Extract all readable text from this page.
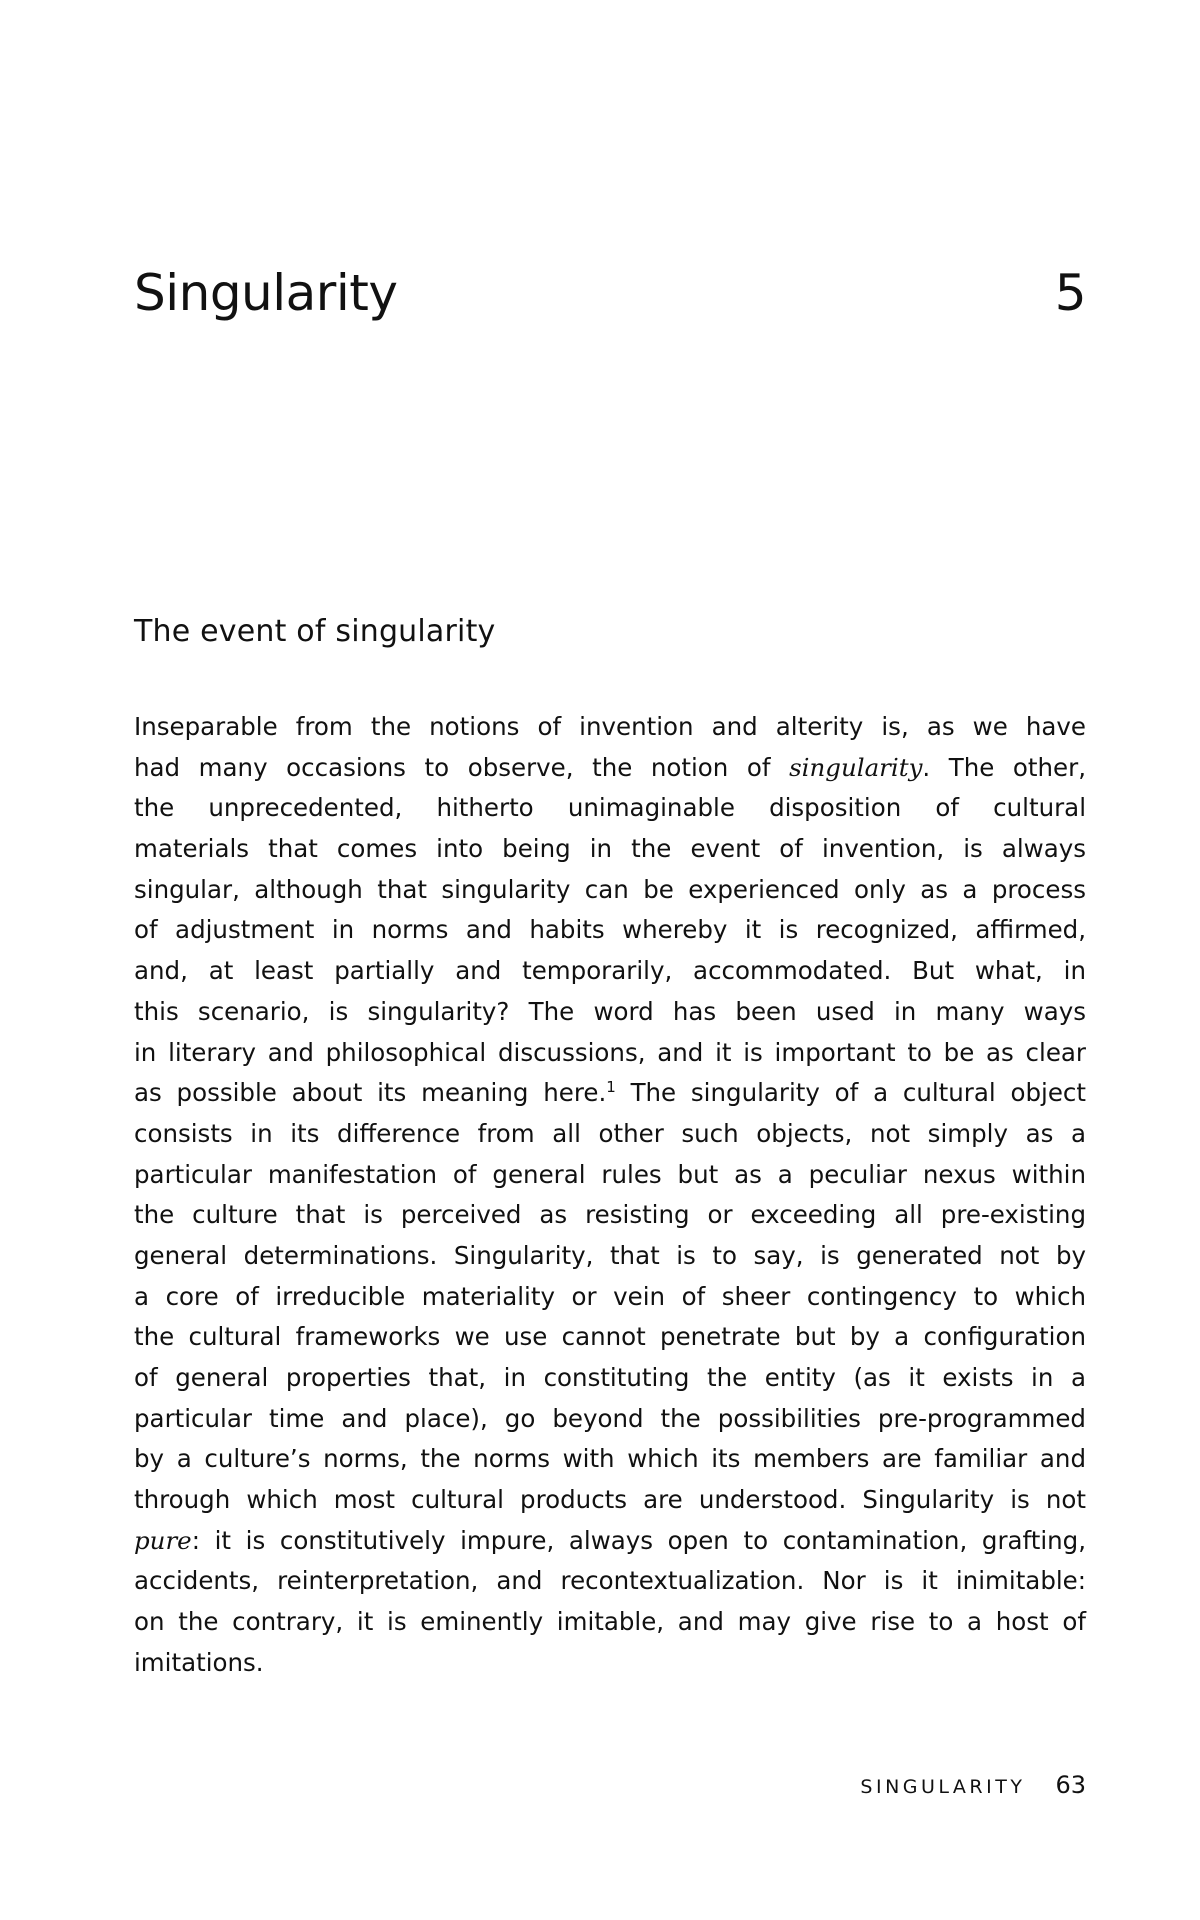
Singularity	5
The event of singularity
Inseparable from the notions of invention and alterity is, as we have
had many occasions to observe, the notion of singularity. The other,
the unprecedented, hitherto unimaginable disposition of cultural
materials that comes into being in the event of invention, is always
singular, although that singularity can be experienced only as a process
of adjustment in norms and habits whereby it is recognized, affirmed,
and, at least partially and temporarily, accommodated. But what, in
this scenario, is singularity? The word has been used in many ways
in literary and philosophical discussions, and it is important to be as clear
as possible about its meaning here.$^1$ The singularity of a cultural object
consists in its difference from all other such objects, not simply as a
particular manifestation of general rules but as a peculiar nexus within
the culture that is perceived as resisting or exceeding all pre-existing
general determinations. Singularity, that is to say, is generated not by
a core of irreducible materiality or vein of sheer contingency to which
the cultural frameworks we use cannot penetrate but by a configuration
of general properties that, in constituting the entity (as it exists in a
particular time and place), go beyond the possibilities pre-programmed
by a culture’s norms, the norms with which its members are familiar and
through which most cultural products are understood. Singularity is not
pure: it is constitutively impure, always open to contamination, grafting,
accidents, reinterpretation, and recontextualization. Nor is it inimitable:
on the contrary, it is eminently imitable, and may give rise to a host of
imitations.
SINGULARITY 63
